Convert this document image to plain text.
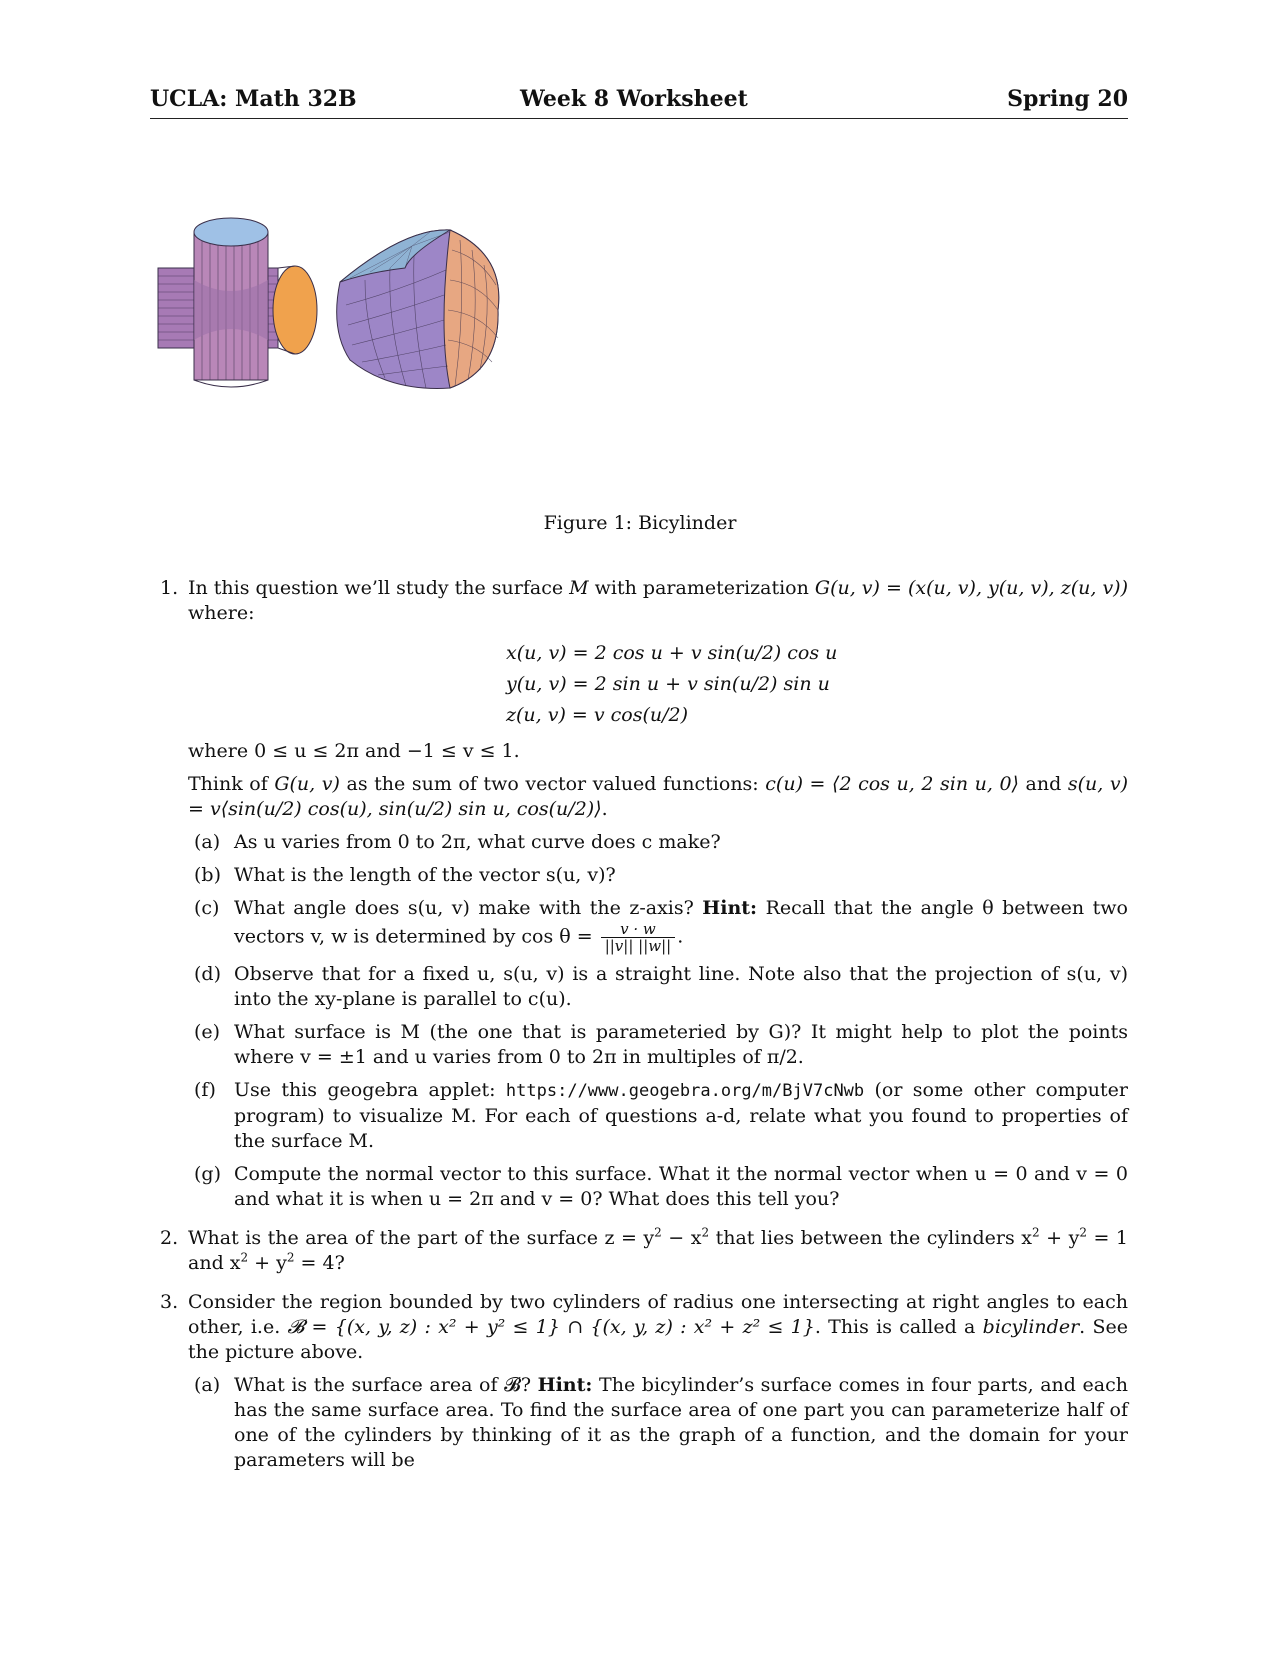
UCLA: Math 32B	Week 8 Worksheet	Spring 20
Figure 1: Bicylinder
1. In this question we’ll study the surface M with parameterization G(u, v) = (x(u, v), y(u, v), z(u, v)) where:
x(u, v) = 2 cos u + v sin(u/2) cos u
y(u, v) = 2 sin u + v sin(u/2) sin u
z(u, v) = v cos(u/2)
where 0 ≤ u ≤ 2π and −1 ≤ v ≤ 1.
Think of G(u, v) as the sum of two vector valued functions: c(u) = ⟨2 cos u, 2 sin u, 0⟩ and s(u, v) = v⟨sin(u/2) cos(u), sin(u/2) sin u, cos(u/2)⟩.
(a) As u varies from 0 to 2π, what curve does c make?
(b) What is the length of the vector s(u, v)?
(c) What angle does s(u, v) make with the z-axis? Hint: Recall that the angle θ between two vectors v, w is determined by $\cos \theta = \frac{v \cdot w}{||v|| ||w||}$ .
(d) Observe that for a fixed u, s(u, v) is a straight line. Note also that the projection of s(u, v) into the xy-plane is parallel to c(u).
(e) What surface is M (the one that is parameteried by G)? It might help to plot the points where v = ±1 and u varies from 0 to 2π in multiples of π/2.
(f) Use this geogebra applet: https://www.geogebra.org/m/BjV7cNwb (or some other computer program) to visualize M. For each of questions a-d, relate what you found to properties of the surface M.
(g) Compute the normal vector to this surface. What it the normal vector when u = 0 and v = 0 and what it is when u = 2π and v = 0? What does this tell you?
2. What is the area of the part of the surface $z = y^2 - x^2$ that lies between the cylinders $x^2 + y^2 = 1$ and $x^2 + y^2 = 4$?
3. Consider the region bounded by two cylinders of radius one intersecting at right angles to each other, i.e. 𝓑 = {(x, y, z) : x² + y² ≤ 1} ∩ {(x, y, z) : x² + z² ≤ 1}. This is called a bicylinder. See the picture above.
(a) What is the surface area of 𝓑? Hint: The bicylinder’s surface comes in four parts, and each has the same surface area. To find the surface area of one part you can parameterize half of one of the cylinders by thinking of it as the graph of a function, and the domain for your parameters will be
